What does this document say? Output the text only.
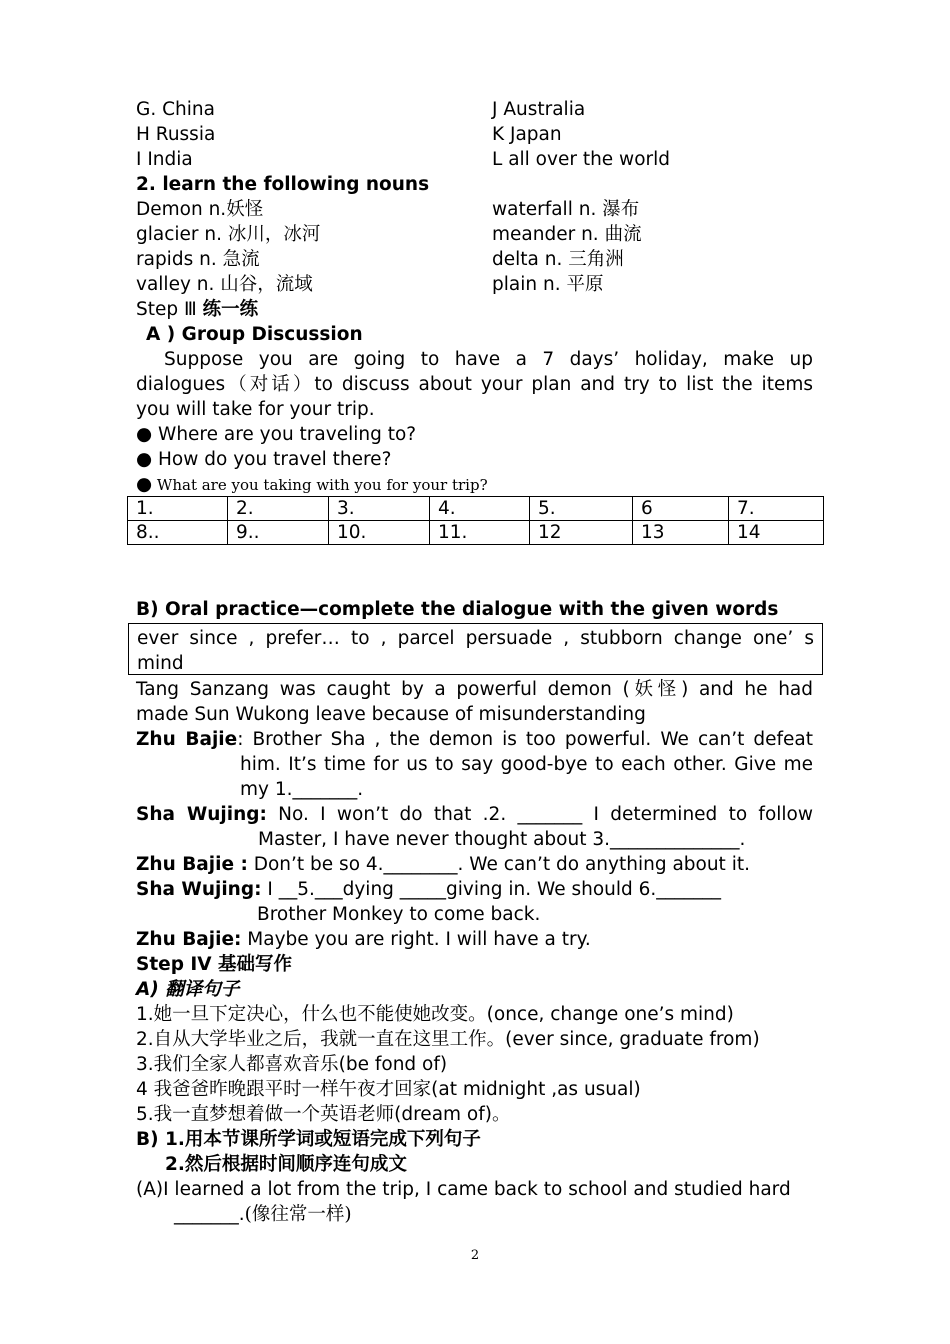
G. China	J Australia
H Russia	K Japan
I India	L all over the world
2. learn the following nouns
Demon n.妖怪	waterfall n. 瀑布
glacier n. 冰川，冰河	meander n. 曲流
rapids n. 急流	delta n. 三角洲
valley n. 山谷，流域	plain n. 平原
Step Ⅲ 练一练
A ) Group Discussion
Suppose you are going to have a 7 days’ holiday, make up
dialogues（对话）to discuss about your plan and try to list the items
you will take for your trip.
● Where are you traveling to?
● How do you travel there?
● What are you taking with you for your trip?
1.	2.	3.	4.	5.	6	7.
8..	9..	10.	11.	12	13	14
B) Oral practice—complete the dialogue with the given words
ever since , prefer… to , parcel persuade , stubborn change one’ s
mind
Tang Sanzang was caught by a powerful demon (妖怪) and he had
made Sun Wukong leave because of misunderstanding
Zhu Bajie: Brother Sha , the demon is too powerful. We can’t defeat
him. It’s time for us to say good-bye to each other. Give me
my 1._______.
Sha Wujing: No. I won’t do that .2. _______ I determined to follow
Master, I have never thought about 3.______________.
Zhu Bajie : Don’t be so 4.________. We can’t do anything about it.
Sha Wujing: I __5.___dying _____giving in. We should 6._______
Brother Monkey to come back.
Zhu Bajie: Maybe you are right. I will have a try.
Step IV 基础写作
A) 翻译句子
1.她一旦下定决心，什么也不能使她改变。(once, change one’s mind)
2.自从大学毕业之后，我就一直在这里工作。(ever since, graduate from)
3.我们全家人都喜欢音乐(be fond of)
4 我爸爸昨晚跟平时一样午夜才回家(at midnight ,as usual)
5.我一直梦想着做一个英语老师(dream of)。
B) 1.用本节课所学词或短语完成下列句子
2.然后根据时间顺序连句成文
(A)I learned a lot from the trip, I came back to school and studied hard
_______.(像往常一样)
2
